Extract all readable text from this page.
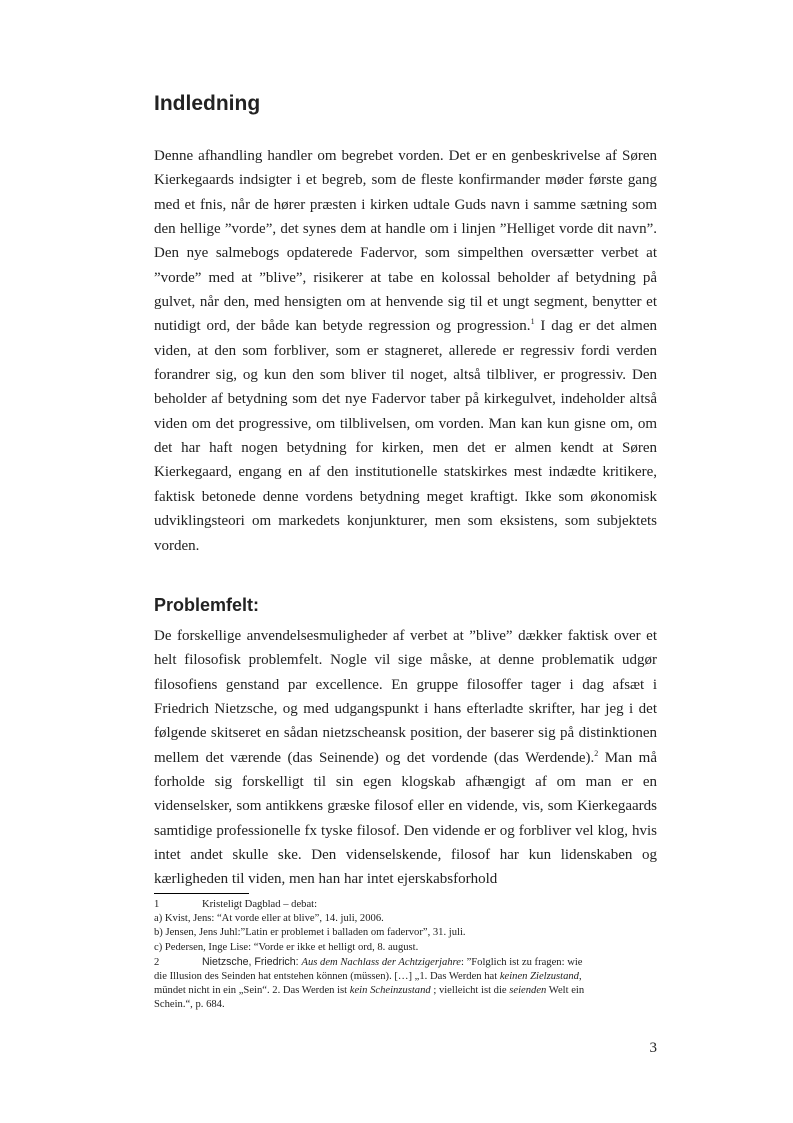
Indledning

Denne afhandling handler om begrebet vorden. Det er en genbeskrivelse af Søren Kierkegaards indsigter i et begreb, som de fleste konfirmander møder første gang med et fnis, når de hører præsten i kirken udtale Guds navn i samme sætning som den hellige ”vorde”, det synes dem at handle om i linjen ”Helliget vorde dit navn”. Den nye salmebogs opdaterede Fadervor, som simpelthen oversætter verbet at ”vorde” med at ”blive”, risikerer at tabe en kolossal beholder af betydning på gulvet, når den, med hensigten om at henvende sig til et ungt segment, benytter et nutidigt ord, der både kan betyde regression og progression.$^1$ I dag er det almen viden, at den som forbliver, som er stagneret, allerede er regressiv fordi verden forandrer sig, og kun den som bliver til noget, altså tilbliver, er progressiv. Den beholder af betydning som det nye Fadervor taber på kirkegulvet, indeholder altså viden om det progressive, om tilblivelsen, om vorden. Man kan kun gisne om, om det har haft nogen betydning for kirken, men det er almen kendt at Søren Kierkegaard, engang en af den institutionelle statskirkes mest indædte kritikere, faktisk betonede denne vordens betydning meget kraftigt. Ikke som økonomisk udviklingsteori om markedets konjunkturer, men som eksistens, som subjektets vorden.

Problemfelt:

De forskellige anvendelsesmuligheder af verbet at ”blive” dækker faktisk over et helt filosofisk problemfelt. Nogle vil sige måske, at denne problematik udgør filosofiens genstand par excellence. En gruppe filosoffer tager i dag afsæt i Friedrich Nietzsche, og med udgangspunkt i hans efterladte skrifter, har jeg i det følgende skitseret en sådan nietzscheansk position, der baserer sig på distinktionen mellem det værende (das Seinende) og det vordende (das Werdende).$^2$ Man må forholde sig forskelligt til sin egen klogskab afhængigt af om man er en videnselsker, som antikkens græske filosof eller en vidende, vis, som Kierkegaards samtidige professionelle fx tyske filosof. Den vidende er og forbliver vel klog, hvis intet andet skulle ske. Den videnselskende, filosof har kun lidenskaben og kærligheden til viden, men han har intet ejerskabsforhold

1	Kristeligt Dagblad – debat:
a) Kvist, Jens: “At vorde eller at blive”, 14. juli, 2006.
b) Jensen, Jens Juhl:”Latin er problemet i balladen om fadervor”, 31. juli.
c) Pedersen, Inge Lise: “Vorde er ikke et helligt ord, 8. august.
2	Nietzsche, Friedrich: Aus dem Nachlass der Achtzigerjahre: ”Folglich ist zu fragen: wie
die Illusion des Seinden hat entstehen können (müssen). […] „1. Das Werden hat keinen Zielzustand,
mündet nicht in ein „Sein“. 2. Das Werden ist kein Scheinzustand ; vielleicht ist die seienden Welt ein
Schein.“, p. 684.
3
